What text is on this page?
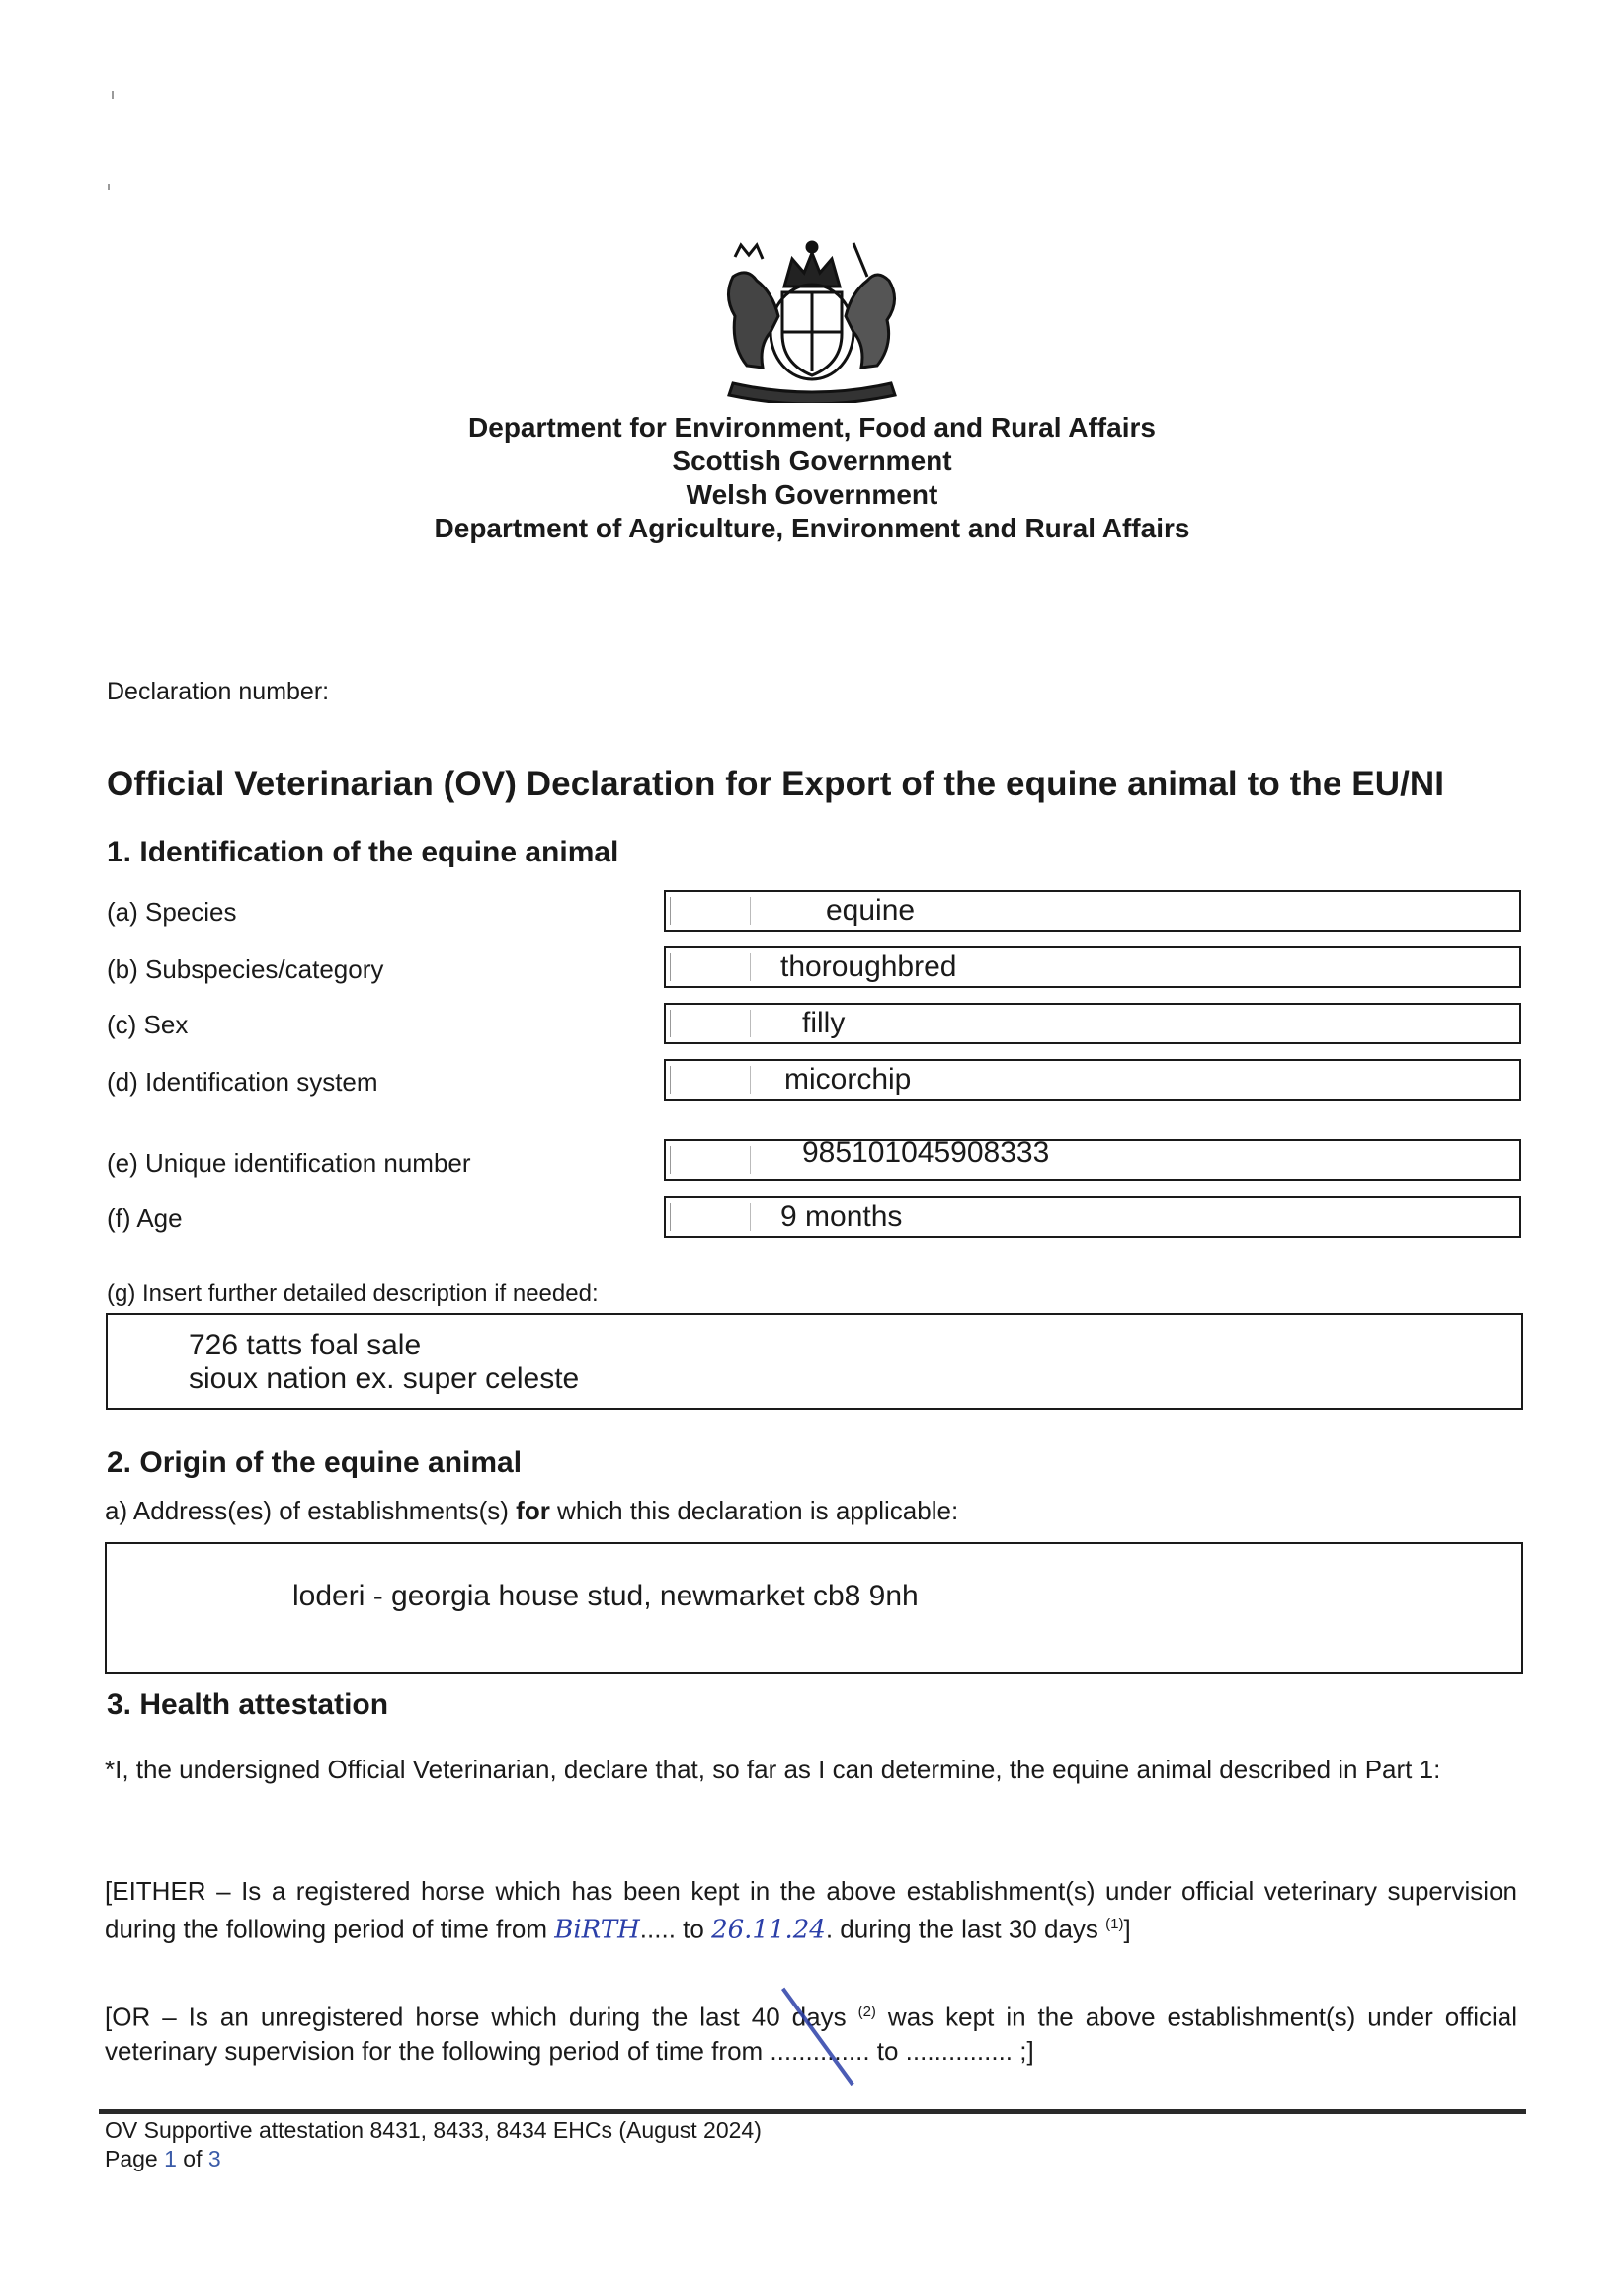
Department for Environment, Food and Rural Affairs
Scottish Government
Welsh Government
Department of Agriculture, Environment and Rural Affairs
Declaration number:
Official Veterinarian (OV) Declaration for Export of the equine animal to the EU/NI
1. Identification of the equine animal
(a) Species	equine
(b) Subspecies/category	thoroughbred
(c) Sex	filly
(d) Identification system	micorchip
(e) Unique identification number	985101045908333
(f) Age	9 months
(g) Insert further detailed description if needed:
726 tatts foal sale
sioux nation ex. super celeste
2. Origin of the equine animal
a) Address(es) of establishments(s) for which this declaration is applicable:
loderi - georgia house stud, newmarket cb8 9nh
3. Health attestation
*I, the undersigned Official Veterinarian, declare that, so far as I can determine, the equine animal described in Part 1:
[EITHER – Is a registered horse which has been kept in the above establishment(s) under official veterinary supervision during the following period of time from BiRTH..... to 26.11.24. during the last 30 days $^{(1)}$]
[OR – Is an unregistered horse which during the last 40 days $^{(2)}$ was kept in the above establishment(s) under official veterinary supervision for the following period of time from .............. to ............... ;]
OV Supportive attestation 8431, 8433, 8434 EHCs (August 2024)
Page 1 of 3
